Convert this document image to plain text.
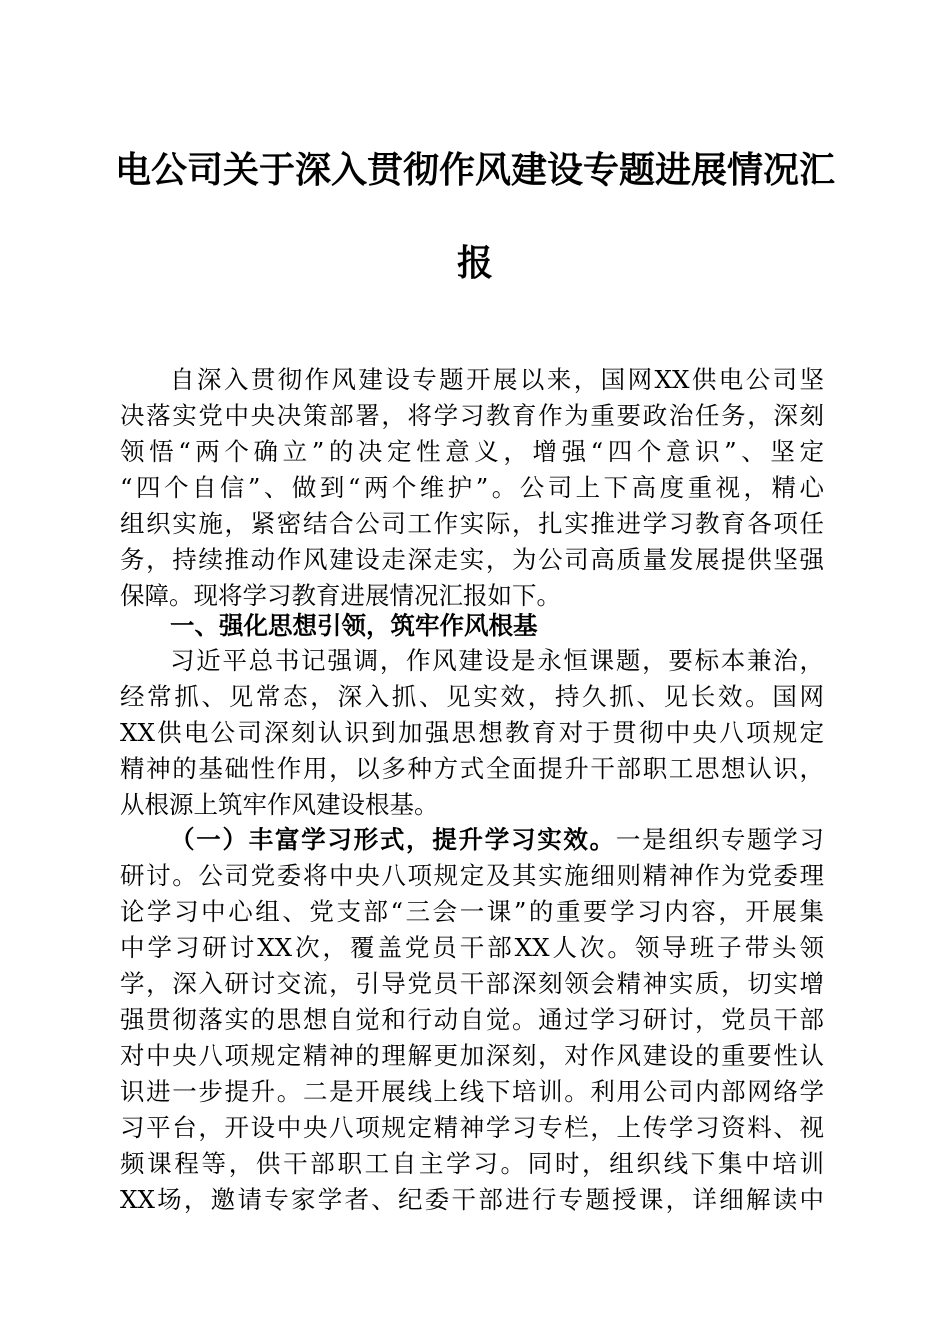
电公司关于深入贯彻作风建设专题进展情况汇
报
自深入贯彻作风建设专题开展以来，国网XX供电公司坚
决落实党中央决策部署，将学习教育作为重要政治任务，深刻
领悟“两个确立”的决定性意义，增强“四个意识”、坚定
“四个自信”、做到“两个维护”。公司上下高度重视，精心
组织实施，紧密结合公司工作实际，扎实推进学习教育各项任
务，持续推动作风建设走深走实，为公司高质量发展提供坚强
保障。现将学习教育进展情况汇报如下。
一、强化思想引领，筑牢作风根基
习近平总书记强调，作风建设是永恒课题，要标本兼治，
经常抓、见常态，深入抓、见实效，持久抓、见长效。国网
XX供电公司深刻认识到加强思想教育对于贯彻中央八项规定
精神的基础性作用，以多种方式全面提升干部职工思想认识，
从根源上筑牢作风建设根基。
（一）丰富学习形式，提升学习实效。一是组织专题学习
研讨。公司党委将中央八项规定及其实施细则精神作为党委理
论学习中心组、党支部“三会一课”的重要学习内容，开展集
中学习研讨XX次，覆盖党员干部XX人次。领导班子带头领
学，深入研讨交流，引导党员干部深刻领会精神实质，切实增
强贯彻落实的思想自觉和行动自觉。通过学习研讨，党员干部
对中央八项规定精神的理解更加深刻，对作风建设的重要性认
识进一步提升。二是开展线上线下培训。利用公司内部网络学
习平台，开设中央八项规定精神学习专栏，上传学习资料、视
频课程等，供干部职工自主学习。同时，组织线下集中培训
XX场，邀请专家学者、纪委干部进行专题授课，详细解读中
